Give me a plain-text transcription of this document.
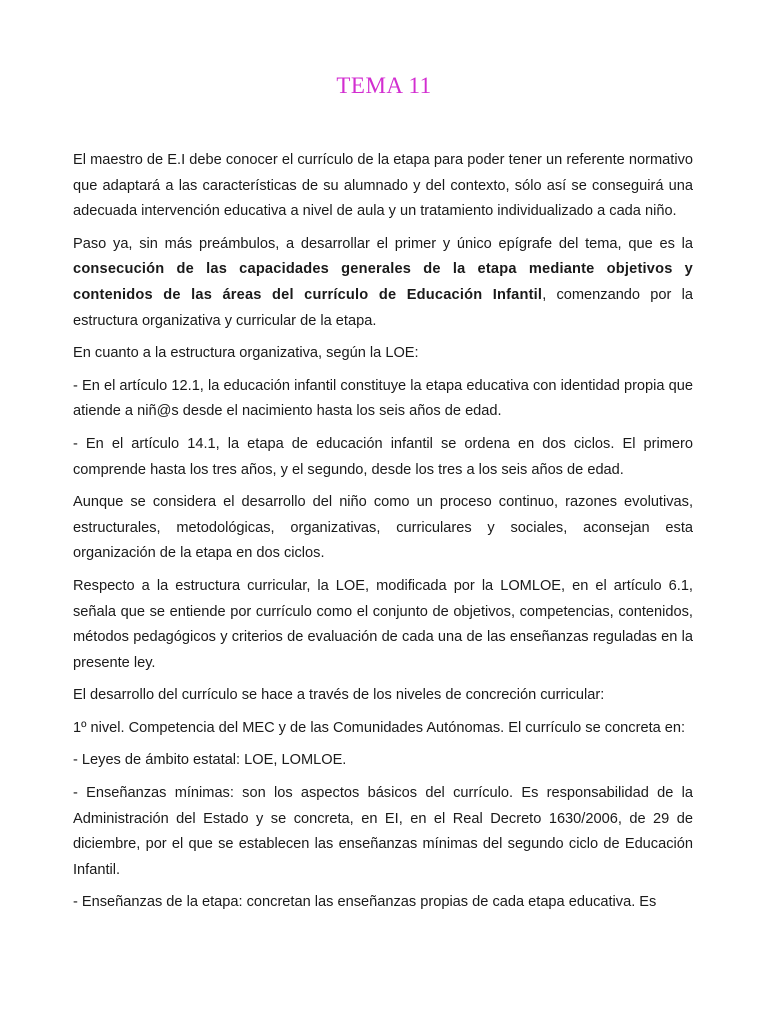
TEMA 11

El maestro de E.I debe conocer el currículo de la etapa para poder tener un referente normativo que adaptará a las características de su alumnado y del contexto, sólo así se conseguirá una adecuada intervención educativa a nivel de aula y un tratamiento individualizado a cada niño.

Paso ya, sin más preámbulos, a desarrollar el primer y único epígrafe del tema, que es la consecución de las capacidades generales de la etapa mediante objetivos y contenidos de las áreas del currículo de Educación Infantil, comenzando por la estructura organizativa y curricular de la etapa.

En cuanto a la estructura organizativa, según la LOE:

- En el artículo 12.1, la educación infantil constituye la etapa educativa con identidad propia que atiende a niñ@s desde el nacimiento hasta los seis años de edad.

- En el artículo 14.1, la etapa de educación infantil se ordena en dos ciclos. El primero comprende hasta los tres años, y el segundo, desde los tres a los seis años de edad.

Aunque se considera el desarrollo del niño como un proceso continuo, razones evolutivas, estructurales, metodológicas, organizativas, curriculares y sociales, aconsejan esta organización de la etapa en dos ciclos.

Respecto a la estructura curricular, la LOE, modificada por la LOMLOE, en el artículo 6.1, señala que se entiende por currículo como el conjunto de objetivos, competencias, contenidos, métodos pedagógicos y criterios de evaluación de cada una de las enseñanzas reguladas en la presente ley.

El desarrollo del currículo se hace a través de los niveles de concreción curricular:

1º nivel. Competencia del MEC y de las Comunidades Autónomas. El currículo se concreta en:

- Leyes de ámbito estatal: LOE, LOMLOE.

- Enseñanzas mínimas: son los aspectos básicos del currículo. Es responsabilidad de la Administración del Estado y se concreta, en EI, en el Real Decreto 1630/2006, de 29 de diciembre, por el que se establecen las enseñanzas mínimas del segundo ciclo de Educación Infantil.

- Enseñanzas de la etapa: concretan las enseñanzas propias de cada etapa educativa. Es
